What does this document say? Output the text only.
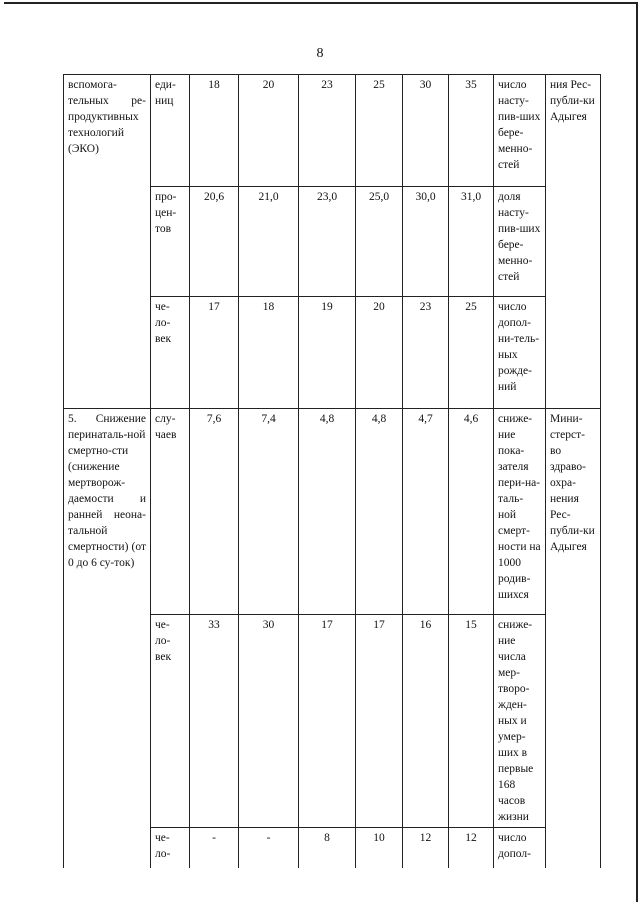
8
вспомога-тельных ре-продуктивных технологий (ЭКО)	еди-ниц	18	20	23	25	30	35	число насту-пив-ших бере-менно-стей	ния Рес-публи-ки Адыгея
	про-цен-тов	20,6	21,0	23,0	25,0	30,0	31,0	доля насту-пив-ших бере-менно-стей	
	че-ло-век	17	18	19	20	23	25	число допол-ни-тель-ных рожде-ний	
5. Снижение перинаталь-ной смертно-сти (снижение мертворож-даемости и ранней неона-тальной смертности) (от 0 до 6 су-ток)	слу-чаев	7,6	7,4	4,8	4,8	4,7	4,6	сниже-ние пока-зателя пери-на-таль-ной смерт-ности на 1000 родив-шихся	Мини-стерст-во здраво-охра-нения Рес-публи-ки Адыгея
	че-ло-век	33	30	17	17	16	15	сниже-ние числа мер-творо-жден-ных и умер-ших в первые 168 часов жизни	
	че-ло-	-	-	8	10	12	12	число допол-	
